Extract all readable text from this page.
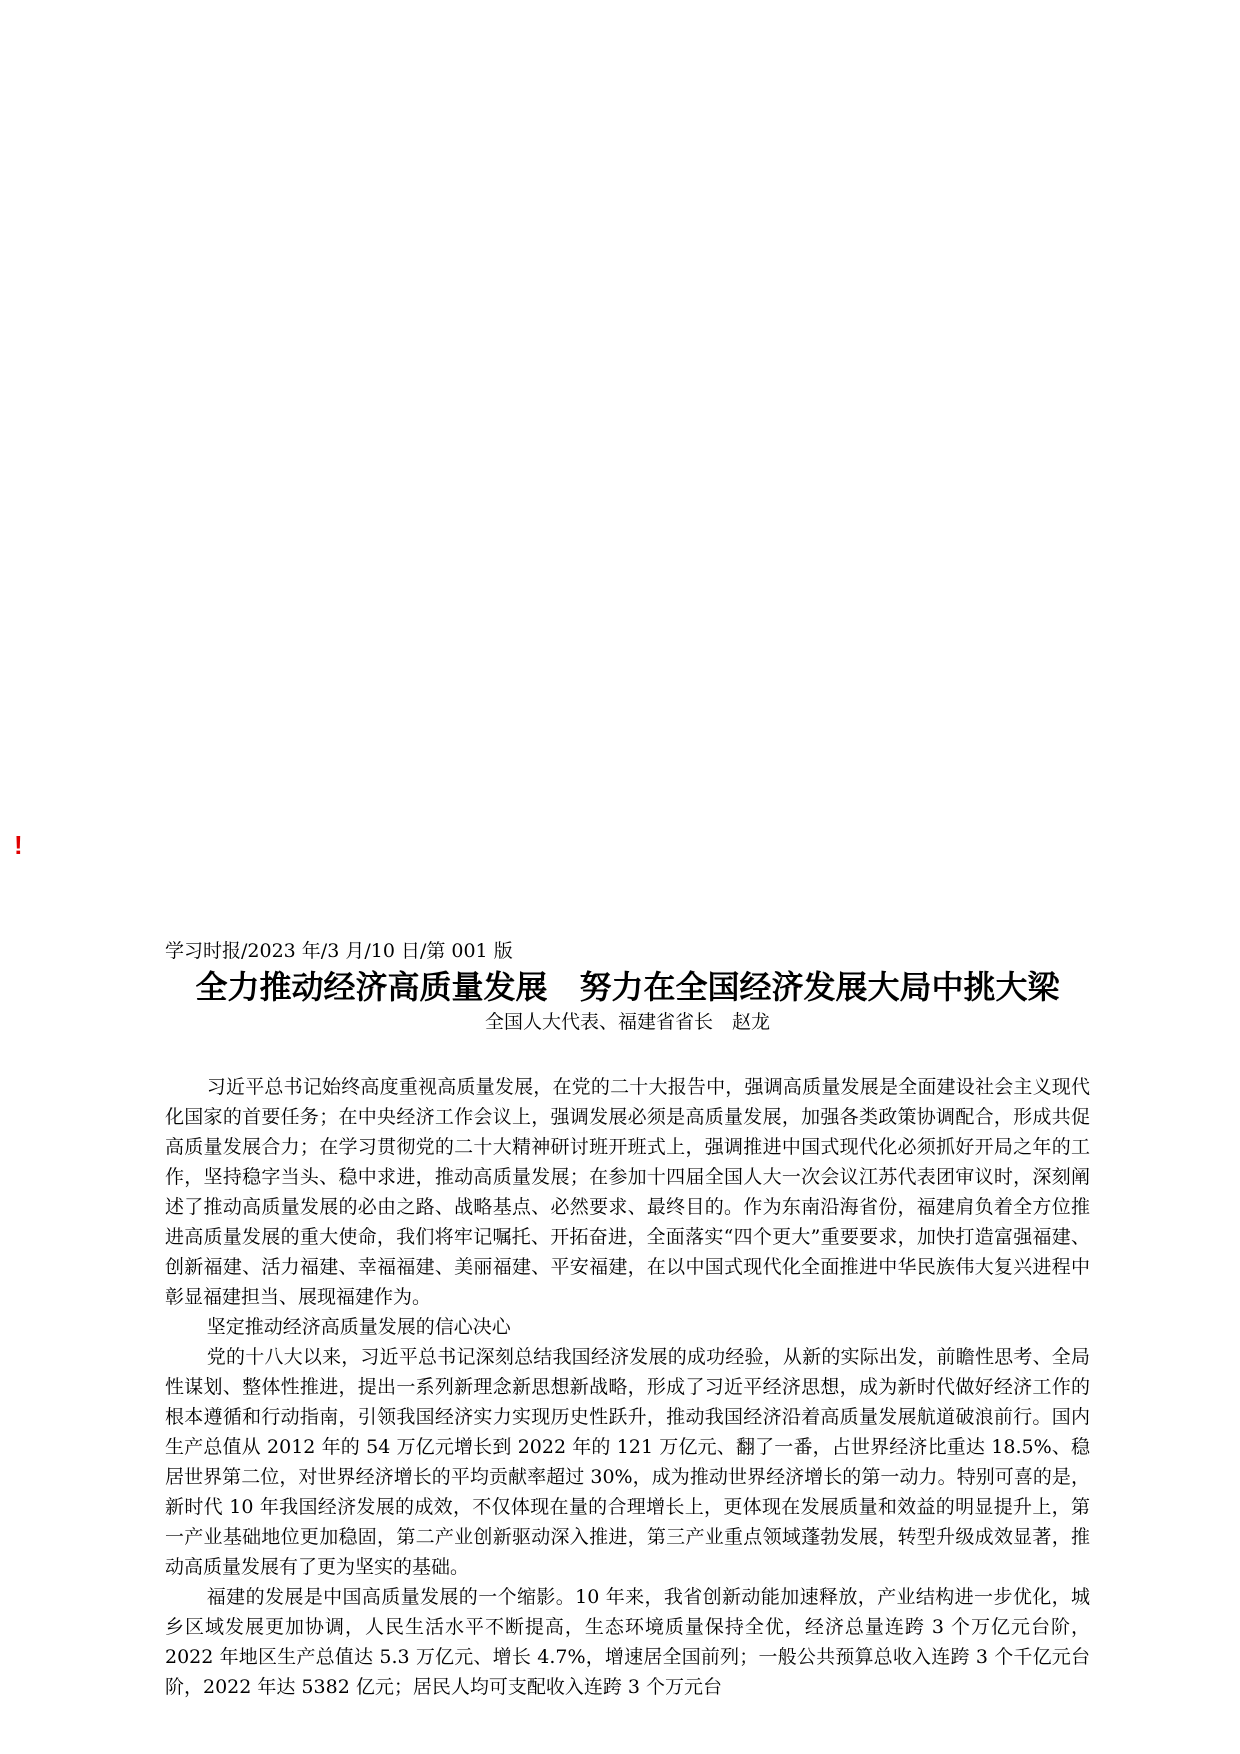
!

学习时报/2023 年/3 月/10 日/第 001 版

全力推动经济高质量发展　努力在全国经济发展大局中挑大梁

全国人大代表、福建省省长　赵龙

习近平总书记始终高度重视高质量发展，在党的二十大报告中，强调高质量发展是全面建设社会主义现代化国家的首要任务；在中央经济工作会议上，强调发展必须是高质量发展，加强各类政策协调配合，形成共促高质量发展合力；在学习贯彻党的二十大精神研讨班开班式上，强调推进中国式现代化必须抓好开局之年的工作，坚持稳字当头、稳中求进，推动高质量发展；在参加十四届全国人大一次会议江苏代表团审议时，深刻阐述了推动高质量发展的必由之路、战略基点、必然要求、最终目的。作为东南沿海省份，福建肩负着全方位推进高质量发展的重大使命，我们将牢记嘱托、开拓奋进，全面落实“四个更大”重要要求，加快打造富强福建、创新福建、活力福建、幸福福建、美丽福建、平安福建，在以中国式现代化全面推进中华民族伟大复兴进程中彰显福建担当、展现福建作为。

坚定推动经济高质量发展的信心决心

党的十八大以来，习近平总书记深刻总结我国经济发展的成功经验，从新的实际出发，前瞻性思考、全局性谋划、整体性推进，提出一系列新理念新思想新战略，形成了习近平经济思想，成为新时代做好经济工作的根本遵循和行动指南，引领我国经济实力实现历史性跃升，推动我国经济沿着高质量发展航道破浪前行。国内生产总值从 2012 年的 54 万亿元增长到 2022 年的 121 万亿元、翻了一番，占世界经济比重达 18.5%、稳居世界第二位，对世界经济增长的平均贡献率超过 30%，成为推动世界经济增长的第一动力。特别可喜的是，新时代 10 年我国经济发展的成效，不仅体现在量的合理增长上，更体现在发展质量和效益的明显提升上，第一产业基础地位更加稳固，第二产业创新驱动深入推进，第三产业重点领域蓬勃发展，转型升级成效显著，推动高质量发展有了更为坚实的基础。

福建的发展是中国高质量发展的一个缩影。10 年来，我省创新动能加速释放，产业结构进一步优化，城乡区域发展更加协调，人民生活水平不断提高，生态环境质量保持全优，经济总量连跨 3 个万亿元台阶，2022 年地区生产总值达 5.3 万亿元、增长 4.7%，增速居全国前列；一般公共预算总收入连跨 3 个千亿元台阶，2022 年达 5382 亿元；居民人均可支配收入连跨 3 个万元台
